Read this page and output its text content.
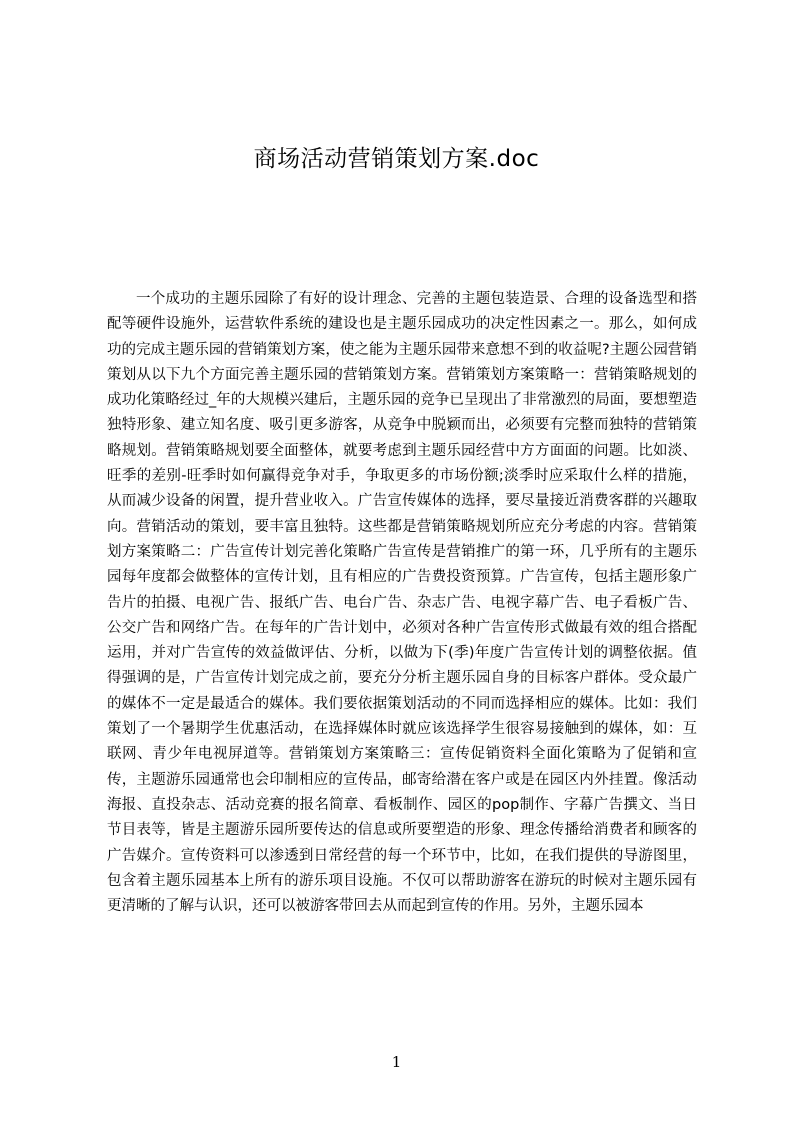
商场活动营销策划方案.doc

一个成功的主题乐园除了有好的设计理念、完善的主题包装造景、合理的设备选型和搭配等硬件设施外，运营软件系统的建设也是主题乐园成功的决定性因素之一。那么，如何成功的完成主题乐园的营销策划方案，使之能为主题乐园带来意想不到的收益呢?主题公园营销策划从以下九个方面完善主题乐园的营销策划方案。营销策划方案策略一：营销策略规划的成功化策略经过_年的大规模兴建后，主题乐园的竞争已呈现出了非常激烈的局面，要想塑造独特形象、建立知名度、吸引更多游客，从竞争中脱颖而出，必须要有完整而独特的营销策略规划。营销策略规划要全面整体，就要考虑到主题乐园经营中方方面面的问题。比如淡、旺季的差别-旺季时如何赢得竞争对手，争取更多的市场份额;淡季时应采取什么样的措施，从而减少设备的闲置，提升营业收入。广告宣传媒体的选择，要尽量接近消费客群的兴趣取向。营销活动的策划，要丰富且独特。这些都是营销策略规划所应充分考虑的内容。营销策划方案策略二：广告宣传计划完善化策略广告宣传是营销推广的第一环，几乎所有的主题乐园每年度都会做整体的宣传计划，且有相应的广告费投资预算。广告宣传，包括主题形象广告片的拍摄、电视广告、报纸广告、电台广告、杂志广告、电视字幕广告、电子看板广告、公交广告和网络广告。在每年的广告计划中，必须对各种广告宣传形式做最有效的组合搭配运用，并对广告宣传的效益做评估、分析，以做为下(季)年度广告宣传计划的调整依据。值得强调的是，广告宣传计划完成之前，要充分分析主题乐园自身的目标客户群体。受众最广的媒体不一定是最适合的媒体。我们要依据策划活动的不同而选择相应的媒体。比如：我们策划了一个暑期学生优惠活动，在选择媒体时就应该选择学生很容易接触到的媒体，如：互联网、青少年电视屏道等。营销策划方案策略三：宣传促销资料全面化策略为了促销和宣传，主题游乐园通常也会印制相应的宣传品，邮寄给潜在客户或是在园区内外挂置。像活动海报、直投杂志、活动竞赛的报名简章、看板制作、园区的pop制作、字幕广告撰文、当日节目表等，皆是主题游乐园所要传达的信息或所要塑造的形象、理念传播给消费者和顾客的广告媒介。宣传资料可以渗透到日常经营的每一个环节中，比如，在我们提供的导游图里，包含着主题乐园基本上所有的游乐项目设施。不仅可以帮助游客在游玩的时候对主题乐园有更清晰的了解与认识，还可以被游客带回去从而起到宣传的作用。另外，主题乐园本

1
